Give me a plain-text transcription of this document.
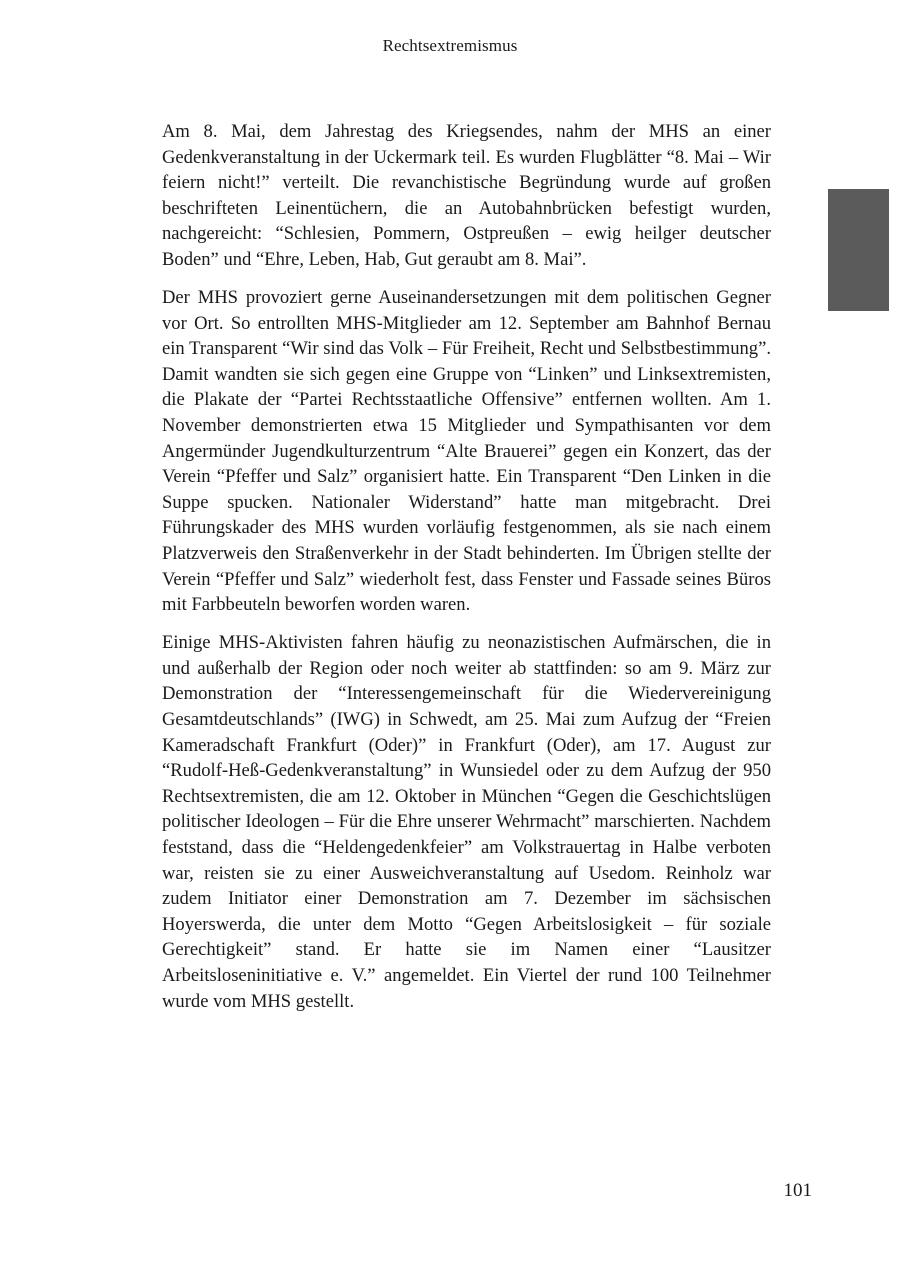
Rechtsextremismus

Am 8. Mai, dem Jahrestag des Kriegsendes, nahm der MHS an einer Gedenkveranstaltung in der Uckermark teil. Es wurden Flugblätter “8. Mai – Wir feiern nicht!” verteilt. Die revanchistische Begründung wurde auf großen beschrifteten Leinentüchern, die an Autobahnbrücken befestigt wurden, nachgereicht: “Schlesien, Pommern, Ostpreußen – ewig heilger deutscher Boden” und “Ehre, Leben, Hab, Gut geraubt am 8. Mai”.

Der MHS provoziert gerne Auseinandersetzungen mit dem politischen Gegner vor Ort. So entrollten MHS-Mitglieder am 12. September am Bahnhof Bernau ein Transparent “Wir sind das Volk – Für Freiheit, Recht und Selbstbestimmung”. Damit wandten sie sich gegen eine Gruppe von “Linken” und Linksextremisten, die Plakate der “Partei Rechtsstaatliche Offensive” entfernen wollten. Am 1. November demonstrierten etwa 15 Mitglieder und Sympathisanten vor dem Angermünder Jugendkulturzentrum “Alte Brauerei” gegen ein Konzert, das der Verein “Pfeffer und Salz” organisiert hatte. Ein Transparent “Den Linken in die Suppe spucken. Nationaler Widerstand” hatte man mitgebracht. Drei Führungskader des MHS wurden vorläufig festgenommen, als sie nach einem Platzverweis den Straßenverkehr in der Stadt behinderten. Im Übrigen stellte der Verein “Pfeffer und Salz” wiederholt fest, dass Fenster und Fassade seines Büros mit Farbbeuteln beworfen worden waren.

Einige MHS-Aktivisten fahren häufig zu neonazistischen Aufmärschen, die in und außerhalb der Region oder noch weiter ab stattfinden: so am 9. März zur Demonstration der “Interessengemeinschaft für die Wiedervereinigung Gesamtdeutschlands” (IWG) in Schwedt, am 25. Mai zum Aufzug der “Freien Kameradschaft Frankfurt (Oder)” in Frankfurt (Oder), am 17. August zur “Rudolf-Heß-Gedenkveranstaltung” in Wunsiedel oder zu dem Aufzug der 950 Rechtsextremisten, die am 12. Oktober in München “Gegen die Geschichtslügen politischer Ideologen – Für die Ehre unserer Wehrmacht” marschierten. Nachdem feststand, dass die “Heldengedenkfeier” am Volkstrauertag in Halbe verboten war, reisten sie zu einer Ausweichveranstaltung auf Usedom. Reinholz war zudem Initiator einer Demonstration am 7. Dezember im sächsischen Hoyerswerda, die unter dem Motto “Gegen Arbeitslosigkeit – für soziale Gerechtigkeit” stand. Er hatte sie im Namen einer “Lausitzer Arbeitsloseninitiative e. V.” angemeldet. Ein Viertel der rund 100 Teilnehmer wurde vom MHS gestellt.

101
